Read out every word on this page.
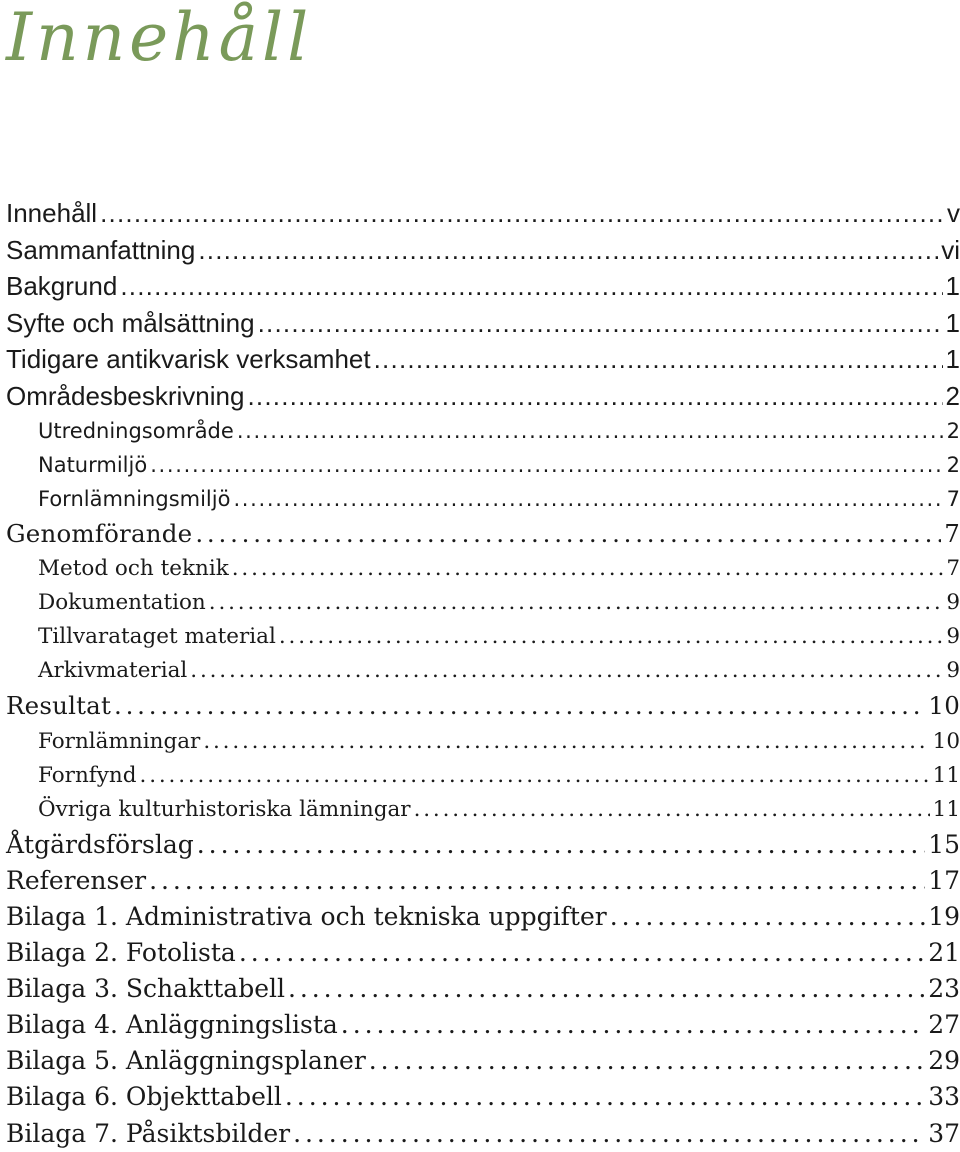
Innehåll
Innehåll . . .	v
Sammanfattning . . .	vi
Bakgrund . . .	1
Syfte och målsättning . . .	1
Tidigare antikvarisk verksamhet . . .	1
Områdesbeskrivning . . .	2
Utredningsområde . . .	2
Naturmiljö . . .	2
Fornlämningsmiljö . . .	7
Genomförande . . .	7
Metod och teknik . . .	7
Dokumentation . . .	9
Tillvarataget material . . .	9
Arkivmaterial . . .	9
Resultat . . .	10
Fornlämningar . . .	10
Fornfynd . . .	11
Övriga kulturhistoriska lämningar . . .	11
Åtgärdsförslag . . .	15
Referenser . . .	17
Bilaga 1. Administrativa och tekniska uppgifter . . .	19
Bilaga 2. Fotolista . . .	21
Bilaga 3. Schakttabell . . .	23
Bilaga 4. Anläggningslista . . .	27
Bilaga 5. Anläggningsplaner . . .	29
Bilaga 6. Objekttabell . . .	33
Bilaga 7. Påsiktsbilder . . .	37
